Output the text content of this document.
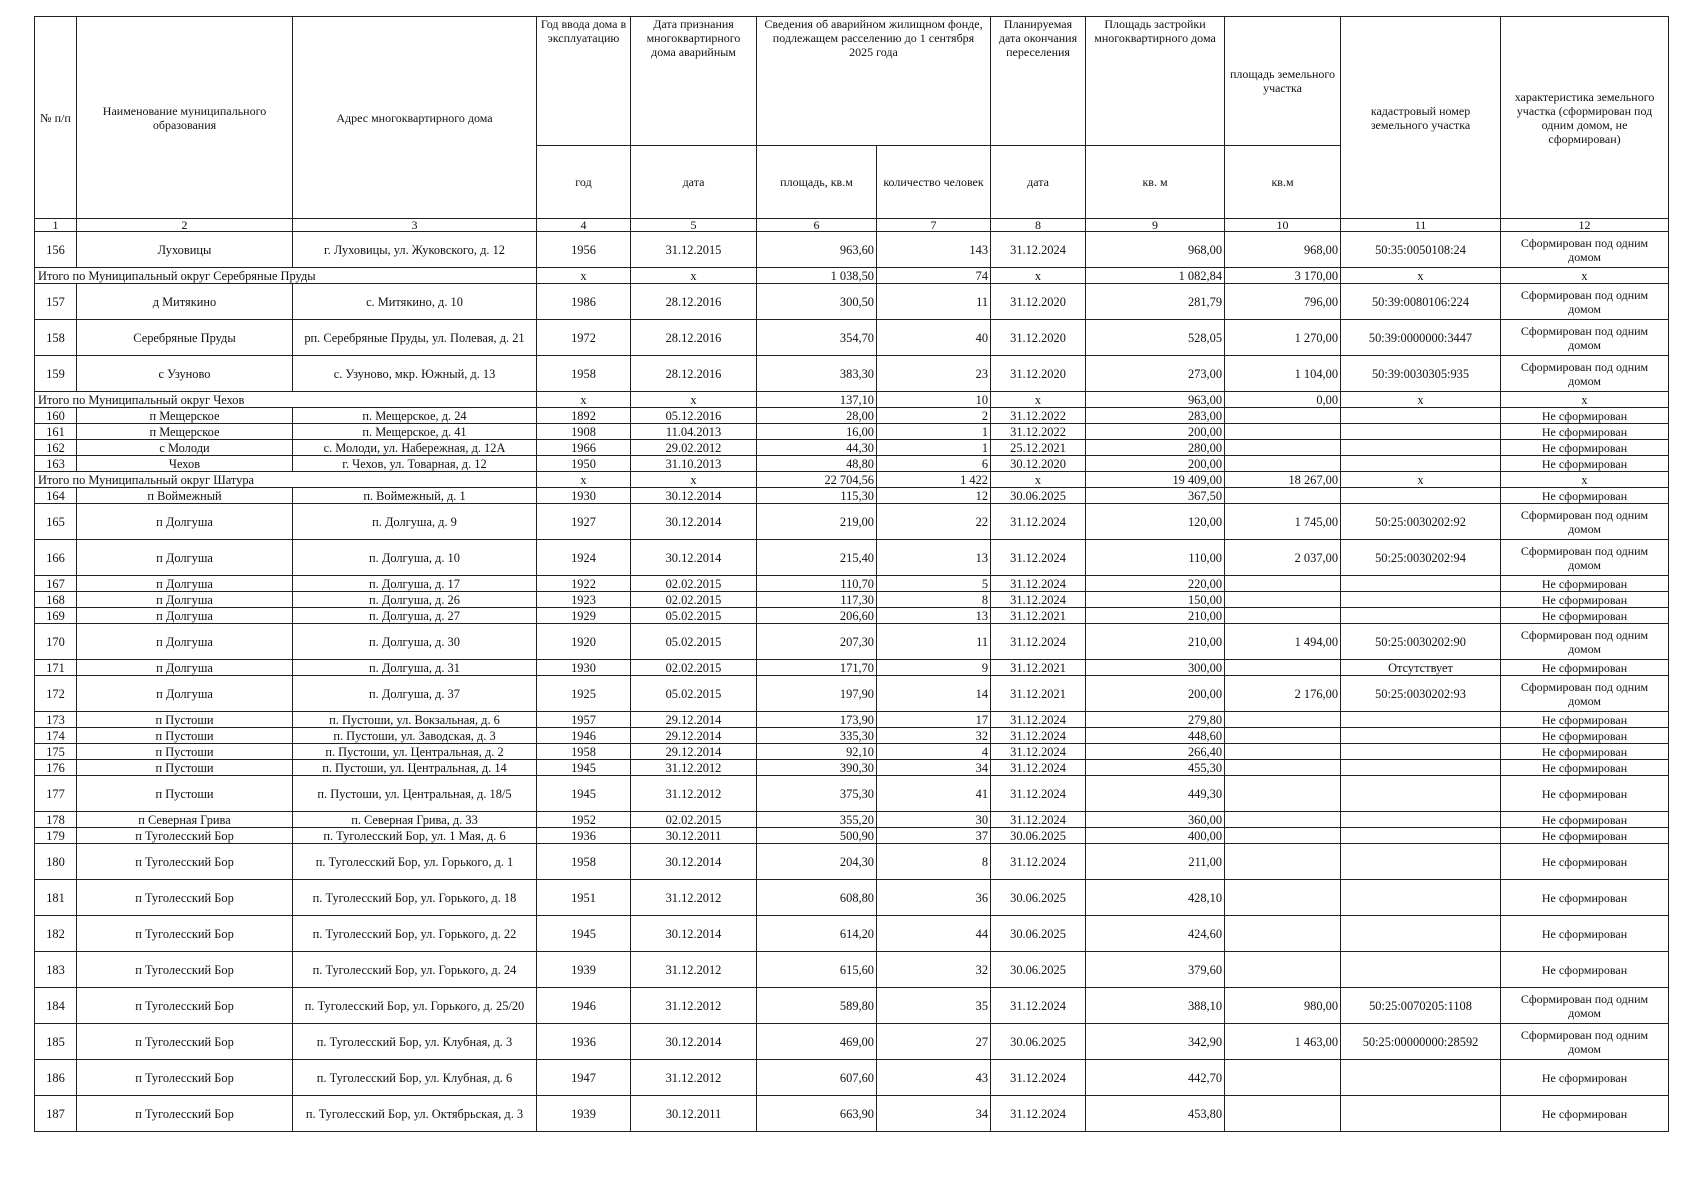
№ п/п	Наименование муниципального образования	Адрес многоквартирного дома	Год ввода дома в эксплуатацию	Дата признания многоквартирного дома аварийным	Сведения об аварийном жилищном фонде, подлежащем расселению до 1 сентября 2025 года		Планируемая дата окончания переселения	Площадь застройки многоквартирного дома	площадь земельного участка	кадастровый номер земельного участка	характеристика земельного участка (сформирован под одним домом, не сформирован)
			год	дата	площадь, кв.м	количество человек	дата	кв. м	кв.м		
1	2	3	4	5	6	7	8	9	10	11	12
156	Луховицы	г. Луховицы, ул. Жуковского, д. 12	1956	31.12.2015	963,60	143	31.12.2024	968,00	968,00	50:35:0050108:24	Сформирован под одним домом
Итого по Муниципальный округ Серебряные Пруды			x	x	1 038,50	74	x	1 082,84	3 170,00	x	x
157	д Митякино	с. Митякино, д. 10	1986	28.12.2016	300,50	11	31.12.2020	281,79	796,00	50:39:0080106:224	Сформирован под одним домом
158	Серебряные Пруды	рп. Серебряные Пруды, ул. Полевая, д. 21	1972	28.12.2016	354,70	40	31.12.2020	528,05	1 270,00	50:39:0000000:3447	Сформирован под одним домом
159	с Узуново	с. Узуново, мкр. Южный, д. 13	1958	28.12.2016	383,30	23	31.12.2020	273,00	1 104,00	50:39:0030305:935	Сформирован под одним домом
Итого по Муниципальный округ Чехов			x	x	137,10	10	x	963,00	0,00	x	x
160	п Мещерское	п. Мещерское, д. 24	1892	05.12.2016	28,00	2	31.12.2022	283,00			Не сформирован
161	п Мещерское	п. Мещерское, д. 41	1908	11.04.2013	16,00	1	31.12.2022	200,00			Не сформирован
162	с Молоди	с. Молоди, ул. Набережная, д. 12А	1966	29.02.2012	44,30	1	25.12.2021	280,00			Не сформирован
163	Чехов	г. Чехов, ул. Товарная, д. 12	1950	31.10.2013	48,80	6	30.12.2020	200,00			Не сформирован
Итого по Муниципальный округ Шатура			x	x	22 704,56	1 422	x	19 409,00	18 267,00	x	x
164	п Воймежный	п. Воймежный, д. 1	1930	30.12.2014	115,30	12	30.06.2025	367,50			Не сформирован
165	п Долгуша	п. Долгуша, д. 9	1927	30.12.2014	219,00	22	31.12.2024	120,00	1 745,00	50:25:0030202:92	Сформирован под одним домом
166	п Долгуша	п. Долгуша, д. 10	1924	30.12.2014	215,40	13	31.12.2024	110,00	2 037,00	50:25:0030202:94	Сформирован под одним домом
167	п Долгуша	п. Долгуша, д. 17	1922	02.02.2015	110,70	5	31.12.2024	220,00			Не сформирован
168	п Долгуша	п. Долгуша, д. 26	1923	02.02.2015	117,30	8	31.12.2024	150,00			Не сформирован
169	п Долгуша	п. Долгуша, д. 27	1929	05.02.2015	206,60	13	31.12.2021	210,00			Не сформирован
170	п Долгуша	п. Долгуша, д. 30	1920	05.02.2015	207,30	11	31.12.2024	210,00	1 494,00	50:25:0030202:90	Сформирован под одним домом
171	п Долгуша	п. Долгуша, д. 31	1930	02.02.2015	171,70	9	31.12.2021	300,00		Отсутствует	Не сформирован
172	п Долгуша	п. Долгуша, д. 37	1925	05.02.2015	197,90	14	31.12.2021	200,00	2 176,00	50:25:0030202:93	Сформирован под одним домом
173	п Пустоши	п. Пустоши, ул. Вокзальная, д. 6	1957	29.12.2014	173,90	17	31.12.2024	279,80			Не сформирован
174	п Пустоши	п. Пустоши, ул. Заводская, д. 3	1946	29.12.2014	335,30	32	31.12.2024	448,60			Не сформирован
175	п Пустоши	п. Пустоши, ул. Центральная, д. 2	1958	29.12.2014	92,10	4	31.12.2024	266,40			Не сформирован
176	п Пустоши	п. Пустоши, ул. Центральная, д. 14	1945	31.12.2012	390,30	34	31.12.2024	455,30			Не сформирован
177	п Пустоши	п. Пустоши, ул. Центральная, д. 18/5	1945	31.12.2012	375,30	41	31.12.2024	449,30			Не сформирован
178	п Северная Грива	п. Северная Грива, д. 33	1952	02.02.2015	355,20	30	31.12.2024	360,00			Не сформирован
179	п Туголесский Бор	п. Туголесский Бор, ул. 1 Мая, д. 6	1936	30.12.2011	500,90	37	30.06.2025	400,00			Не сформирован
180	п Туголесский Бор	п. Туголесский Бор, ул. Горького, д. 1	1958	30.12.2014	204,30	8	31.12.2024	211,00			Не сформирован
181	п Туголесский Бор	п. Туголесский Бор, ул. Горького, д. 18	1951	31.12.2012	608,80	36	30.06.2025	428,10			Не сформирован
182	п Туголесский Бор	п. Туголесский Бор, ул. Горького, д. 22	1945	30.12.2014	614,20	44	30.06.2025	424,60			Не сформирован
183	п Туголесский Бор	п. Туголесский Бор, ул. Горького, д. 24	1939	31.12.2012	615,60	32	30.06.2025	379,60			Не сформирован
184	п Туголесский Бор	п. Туголесский Бор, ул. Горького, д. 25/20	1946	31.12.2012	589,80	35	31.12.2024	388,10	980,00	50:25:0070205:1108	Сформирован под одним домом
185	п Туголесский Бор	п. Туголесский Бор, ул. Клубная, д. 3	1936	30.12.2014	469,00	27	30.06.2025	342,90	1 463,00	50:25:00000000:28592	Сформирован под одним домом
186	п Туголесский Бор	п. Туголесский Бор, ул. Клубная, д. 6	1947	31.12.2012	607,60	43	31.12.2024	442,70			Не сформирован
187	п Туголесский Бор	п. Туголесский Бор, ул. Октябрьская, д. 3	1939	30.12.2011	663,90	34	31.12.2024	453,80			Не сформирован
